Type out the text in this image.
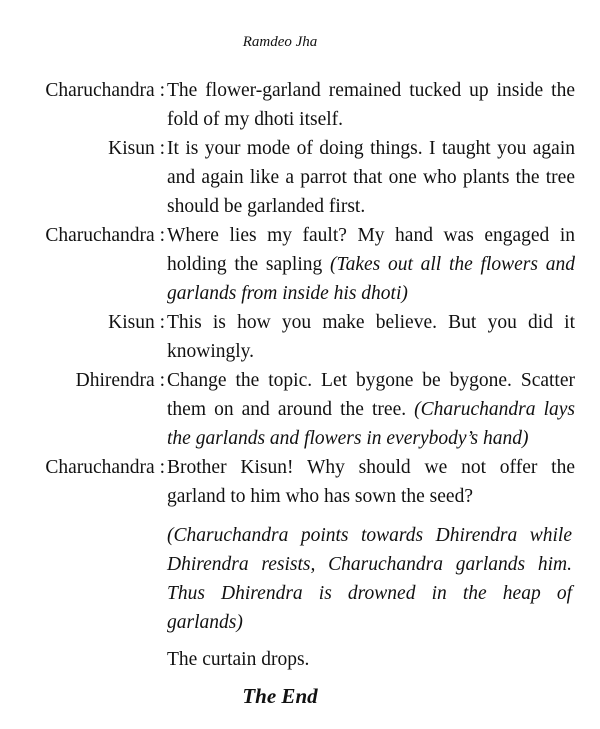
Ramdeo Jha
Charuchandra : The flower-garland remained tucked up inside the fold of my dhoti itself.
Kisun : It is your mode of doing things. I taught you again and again like a parrot that one who plants the tree should be garlanded first.
Charuchandra : Where lies my fault? My hand was engaged in holding the sapling (Takes out all the flowers and garlands from inside his dhoti)
Kisun : This is how you make believe. But you did it knowingly.
Dhirendra : Change the topic. Let bygone be bygone. Scatter them on and around the tree. (Charuchandra lays the garlands and flowers in everybody’s hand)
Charuchandra : Brother Kisun! Why should we not offer the garland to him who has sown the seed?
(Charuchandra points towards Dhirendra while Dhirendra resists, Charuchandra garlands him. Thus Dhirendra is drowned in the heap of garlands)
The curtain drops.
The End
